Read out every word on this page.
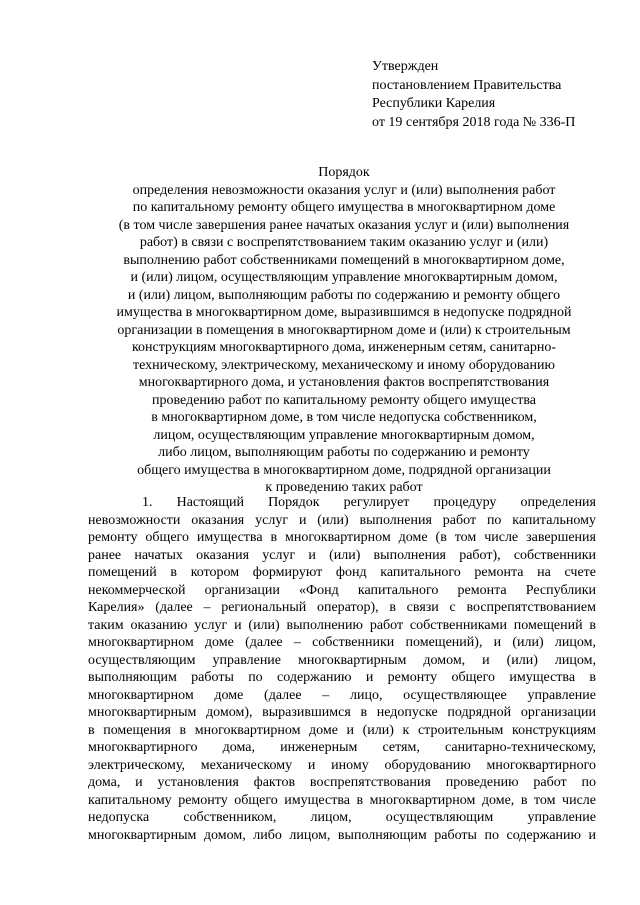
Утвержден
постановлением Правительства
Республики Карелия
от 19 сентября 2018 года № 336-П
Порядок
определения невозможности оказания услуг и (или) выполнения работ
по капитальному ремонту общего имущества в многоквартирном доме
(в том числе завершения ранее начатых оказания услуг и (или) выполнения
работ) в связи с воспрепятствованием таким оказанию услуг и (или)
выполнению работ собственниками помещений в многоквартирном доме,
и (или) лицом, осуществляющим управление многоквартирным домом,
и (или) лицом, выполняющим работы по содержанию и ремонту общего
имущества в многоквартирном доме, выразившимся в недопуске подрядной
организации в помещения в многоквартирном доме и (или) к строительным
конструкциям многоквартирного дома, инженерным сетям, санитарно-
техническому, электрическому, механическому и иному оборудованию
многоквартирного дома, и установления фактов воспрепятствования
проведению работ по капитальному ремонту общего имущества
в многоквартирном доме, в том числе недопуска собственником,
лицом, осуществляющим управление многоквартирным домом,
либо лицом, выполняющим работы по содержанию и ремонту
общего имущества в многоквартирном доме, подрядной организации
к проведению таких работ
1. Настоящий Порядок регулирует процедуру определения
невозможности оказания услуг и (или) выполнения работ по капитальному
ремонту общего имущества в многоквартирном доме (в том числе завершения
ранее начатых оказания услуг и (или) выполнения работ), собственники
помещений в котором формируют фонд капитального ремонта на счете
некоммерческой организации «Фонд капитального ремонта Республики
Карелия» (далее – региональный оператор), в связи с воспрепятствованием
таким оказанию услуг и (или) выполнению работ собственниками помещений в
многоквартирном доме (далее – собственники помещений), и (или) лицом,
осуществляющим управление многоквартирным домом, и (или) лицом,
выполняющим работы по содержанию и ремонту общего имущества в
многоквартирном доме (далее – лицо, осуществляющее управление
многоквартирным домом), выразившимся в недопуске подрядной организации
в помещения в многоквартирном доме и (или) к строительным конструкциям
многоквартирного дома, инженерным сетям, санитарно-техническому,
электрическому, механическому и иному оборудованию многоквартирного
дома, и установления фактов воспрепятствования проведению работ по
капитальному ремонту общего имущества в многоквартирном доме, в том числе
недопуска собственником, лицом, осуществляющим управление
многоквартирным домом, либо лицом, выполняющим работы по содержанию и
